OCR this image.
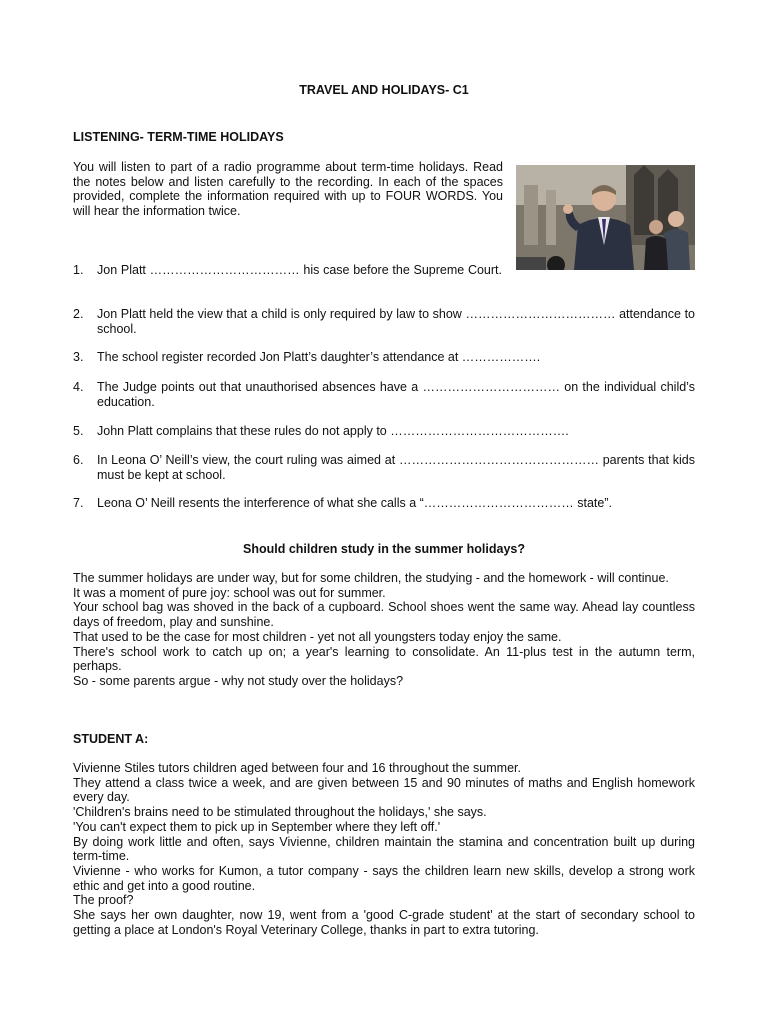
TRAVEL AND HOLIDAYS- C1
LISTENING- TERM-TIME HOLIDAYS
You will listen to part of a radio programme about term-time holidays. Read the notes below and listen carefully to the recording. In each of the spaces provided, complete the information required with up to FOUR WORDS. You will hear the information twice.
1.	Jon Platt ……………………………… his case before the Supreme Court.
2.	Jon Platt held the view that a child is only required by law to show ……………………………… attendance to school.
3.	The school register recorded Jon Platt’s daughter’s attendance at ……………….
4.	The Judge points out that unauthorised absences have a …………………………… on the individual child’s education.
5.	John Platt complains that these rules do not apply to …………………………………….
6.	In Leona O’ Neill’s view, the court ruling was aimed at ………………………………………… parents that kids must be kept at school.
7.	Leona O’ Neill resents the interference of what she calls a “……………………………… state”.
Should children study in the summer holidays?

The summer holidays are under way, but for some children, the studying - and the homework - will continue.

It was a moment of pure joy: school was out for summer.

Your school bag was shoved in the back of a cupboard. School shoes went the same way. Ahead lay countless days of freedom, play and sunshine.

That used to be the case for most children - yet not all youngsters today enjoy the same.

There's school work to catch up on; a year's learning to consolidate. An 11-plus test in the autumn term, perhaps.

So - some parents argue - why not study over the holidays?

STUDENT A:

Vivienne Stiles tutors children aged between four and 16 throughout the summer.

They attend a class twice a week, and are given between 15 and 90 minutes of maths and English homework every day.

'Children's brains need to be stimulated throughout the holidays,' she says.

'You can't expect them to pick up in September where they left off.'

By doing work little and often, says Vivienne, children maintain the stamina and concentration built up during term-time.

Vivienne - who works for Kumon, a tutor company - says the children learn new skills, develop a strong work ethic and get into a good routine.

The proof?

She says her own daughter, now 19, went from a 'good C-grade student' at the start of secondary school to getting a place at London's Royal Veterinary College, thanks in part to extra tutoring.
